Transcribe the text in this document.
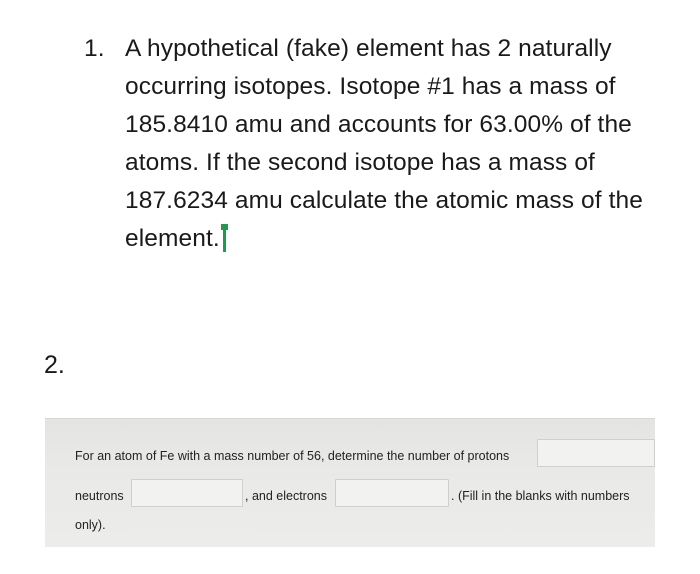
1. A hypothetical (fake) element has 2 naturally occurring isotopes. Isotope #1 has a mass of 185.8410 amu and accounts for 63.00% of the atoms. If the second isotope has a mass of 187.6234 amu calculate the atomic mass of the element.
2.
For an atom of Fe with a mass number of 56, determine the number of protons
neutrons	, and electrons	. (Fill in the blanks with numbers
only).
